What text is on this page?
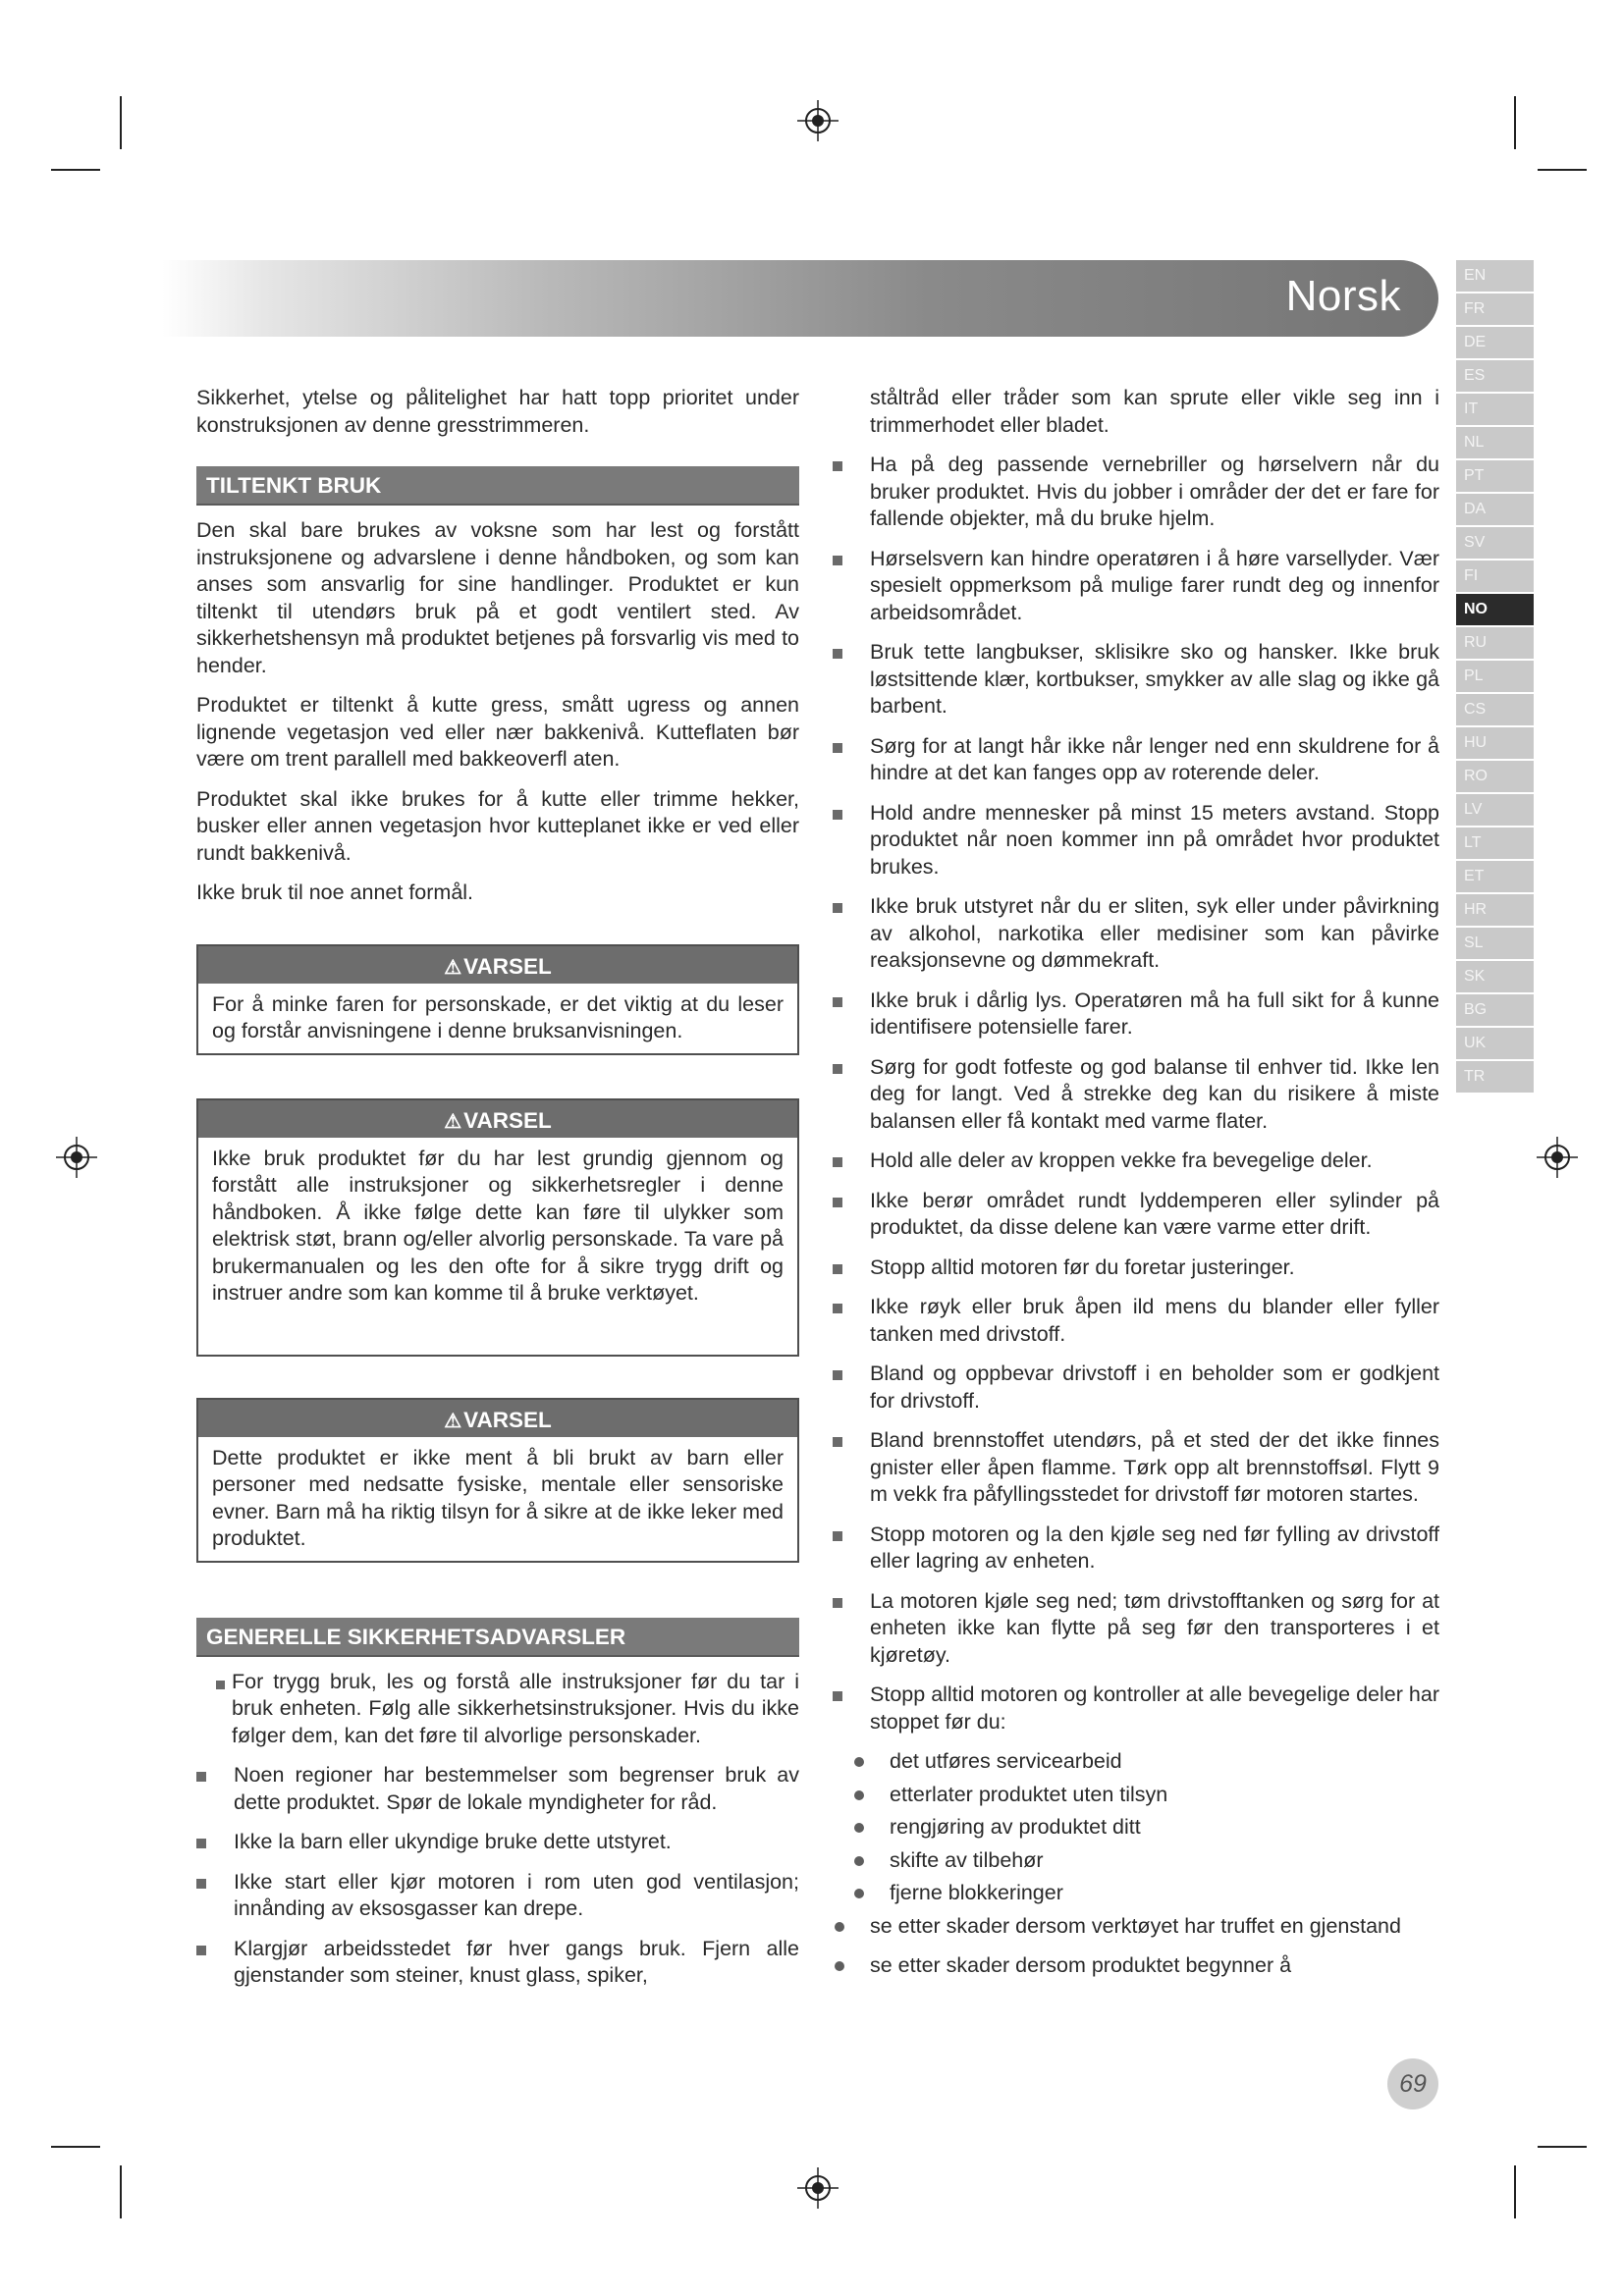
Norsk	EN
FR
DE
ES
IT
NL
PT
DA
SV
FI
NO
RU
PL
CS
HU
RO
LV
LT
ET
HR
SL
SK
BG
UK
TR

Sikkerhet, ytelse og pålitelighet har hatt topp prioritet under konstruksjonen av denne gresstrimmeren.

TILTENKT BRUK

Den skal bare brukes av voksne som har lest og forstått instruksjonene og advarslene i denne håndboken, og som kan anses som ansvarlig for sine handlinger. Produktet er kun tiltenkt til utendørs bruk på et godt ventilert sted. Av sikkerhetshensyn må produktet betjenes på forsvarlig vis med to hender.

Produktet er tiltenkt å kutte gress, smått ugress og annen lignende vegetasjon ved eller nær bakkenivå. Kutteflaten bør være om trent parallell med bakkeoverfl aten.

Produktet skal ikke brukes for å kutte eller trimme hekker, busker eller annen vegetasjon hvor kutteplanet ikke er ved eller rundt bakkenivå.

Ikke bruk til noe annet formål.

⚠VARSEL
For å minke faren for personskade, er det viktig at du leser og forstår anvisningene i denne bruksanvisningen.
⚠VARSEL
Ikke bruk produktet før du har lest grundig gjennom og forstått alle instruksjoner og sikkerhetsregler i denne håndboken. Å ikke følge dette kan føre til ulykker som elektrisk støt, brann og/eller alvorlig personskade. Ta vare på brukermanualen og les den ofte for å sikre trygg drift og instruer andre som kan komme til å bruke verktøyet.
⚠VARSEL
Dette produktet er ikke ment å bli brukt av barn eller personer med nedsatte fysiske, mentale eller sensoriske evner. Barn må ha riktig tilsyn for å sikre at de ikke leker med produktet.
GENERELLE SIKKERHETSADVARSLER
For trygg bruk, les og forstå alle instruksjoner før du tar i bruk enheten. Følg alle sikkerhetsinstruksjoner. Hvis du ikke følger dem, kan det føre til alvorlige personskader.
Noen regioner har bestemmelser som begrenser bruk av dette produktet. Spør de lokale myndigheter for råd.
Ikke la barn eller ukyndige bruke dette utstyret.
Ikke start eller kjør motoren i rom uten god ventilasjon; innånding av eksosgasser kan drepe.
Klargjør arbeidsstedet før hver gangs bruk. Fjern alle gjenstander som steiner, knust glass, spiker,

ståltråd eller tråder som kan sprute eller vikle seg inn i trimmerhodet eller bladet.

Ha på deg passende vernebriller og hørselvern når du bruker produktet. Hvis du jobber i områder der det er fare for fallende objekter, må du bruke hjelm.
Hørselsvern kan hindre operatøren i å høre varsellyder. Vær spesielt oppmerksom på mulige farer rundt deg og innenfor arbeidsområdet.
Bruk tette langbukser, sklisikre sko og hansker. Ikke bruk løstsittende klær, kortbukser, smykker av alle slag og ikke gå barbent.
Sørg for at langt hår ikke når lenger ned enn skuldrene for å hindre at det kan fanges opp av roterende deler.
Hold andre mennesker på minst 15 meters avstand. Stopp produktet når noen kommer inn på området hvor produktet brukes.
Ikke bruk utstyret når du er sliten, syk eller under påvirkning av alkohol, narkotika eller medisiner som kan påvirke reaksjonsevne og dømmekraft.
Ikke bruk i dårlig lys. Operatøren må ha full sikt for å kunne identifisere potensielle farer.
Sørg for godt fotfeste og god balanse til enhver tid. Ikke len deg for langt. Ved å strekke deg kan du risikere å miste balansen eller få kontakt med varme flater.
Hold alle deler av kroppen vekke fra bevegelige deler.
Ikke berør området rundt lyddemperen eller sylinder på produktet, da disse delene kan være varme etter drift.
Stopp alltid motoren før du foretar justeringer.
Ikke røyk eller bruk åpen ild mens du blander eller fyller tanken med drivstoff.
Bland og oppbevar drivstoff i en beholder som er godkjent for drivstoff.
Bland brennstoffet utendørs, på et sted der det ikke finnes gnister eller åpen flamme. Tørk opp alt brennstoffsøl. Flytt 9 m vekk fra påfyllingsstedet for drivstoff før motoren startes.
Stopp motoren og la den kjøle seg ned før fylling av drivstoff eller lagring av enheten.
La motoren kjøle seg ned; tøm drivstofftanken og sørg for at enheten ikke kan flytte på seg før den transporteres i et kjøretøy.
Stopp alltid motoren og kontroller at alle bevegelige deler har stoppet før du:
det utføres servicearbeid
etterlater produktet uten tilsyn
rengjøring av produktet ditt
skifte av tilbehør
fjerne blokkeringer
se etter skader dersom verktøyet har truffet en gjenstand
se etter skader dersom produktet begynner å
69
